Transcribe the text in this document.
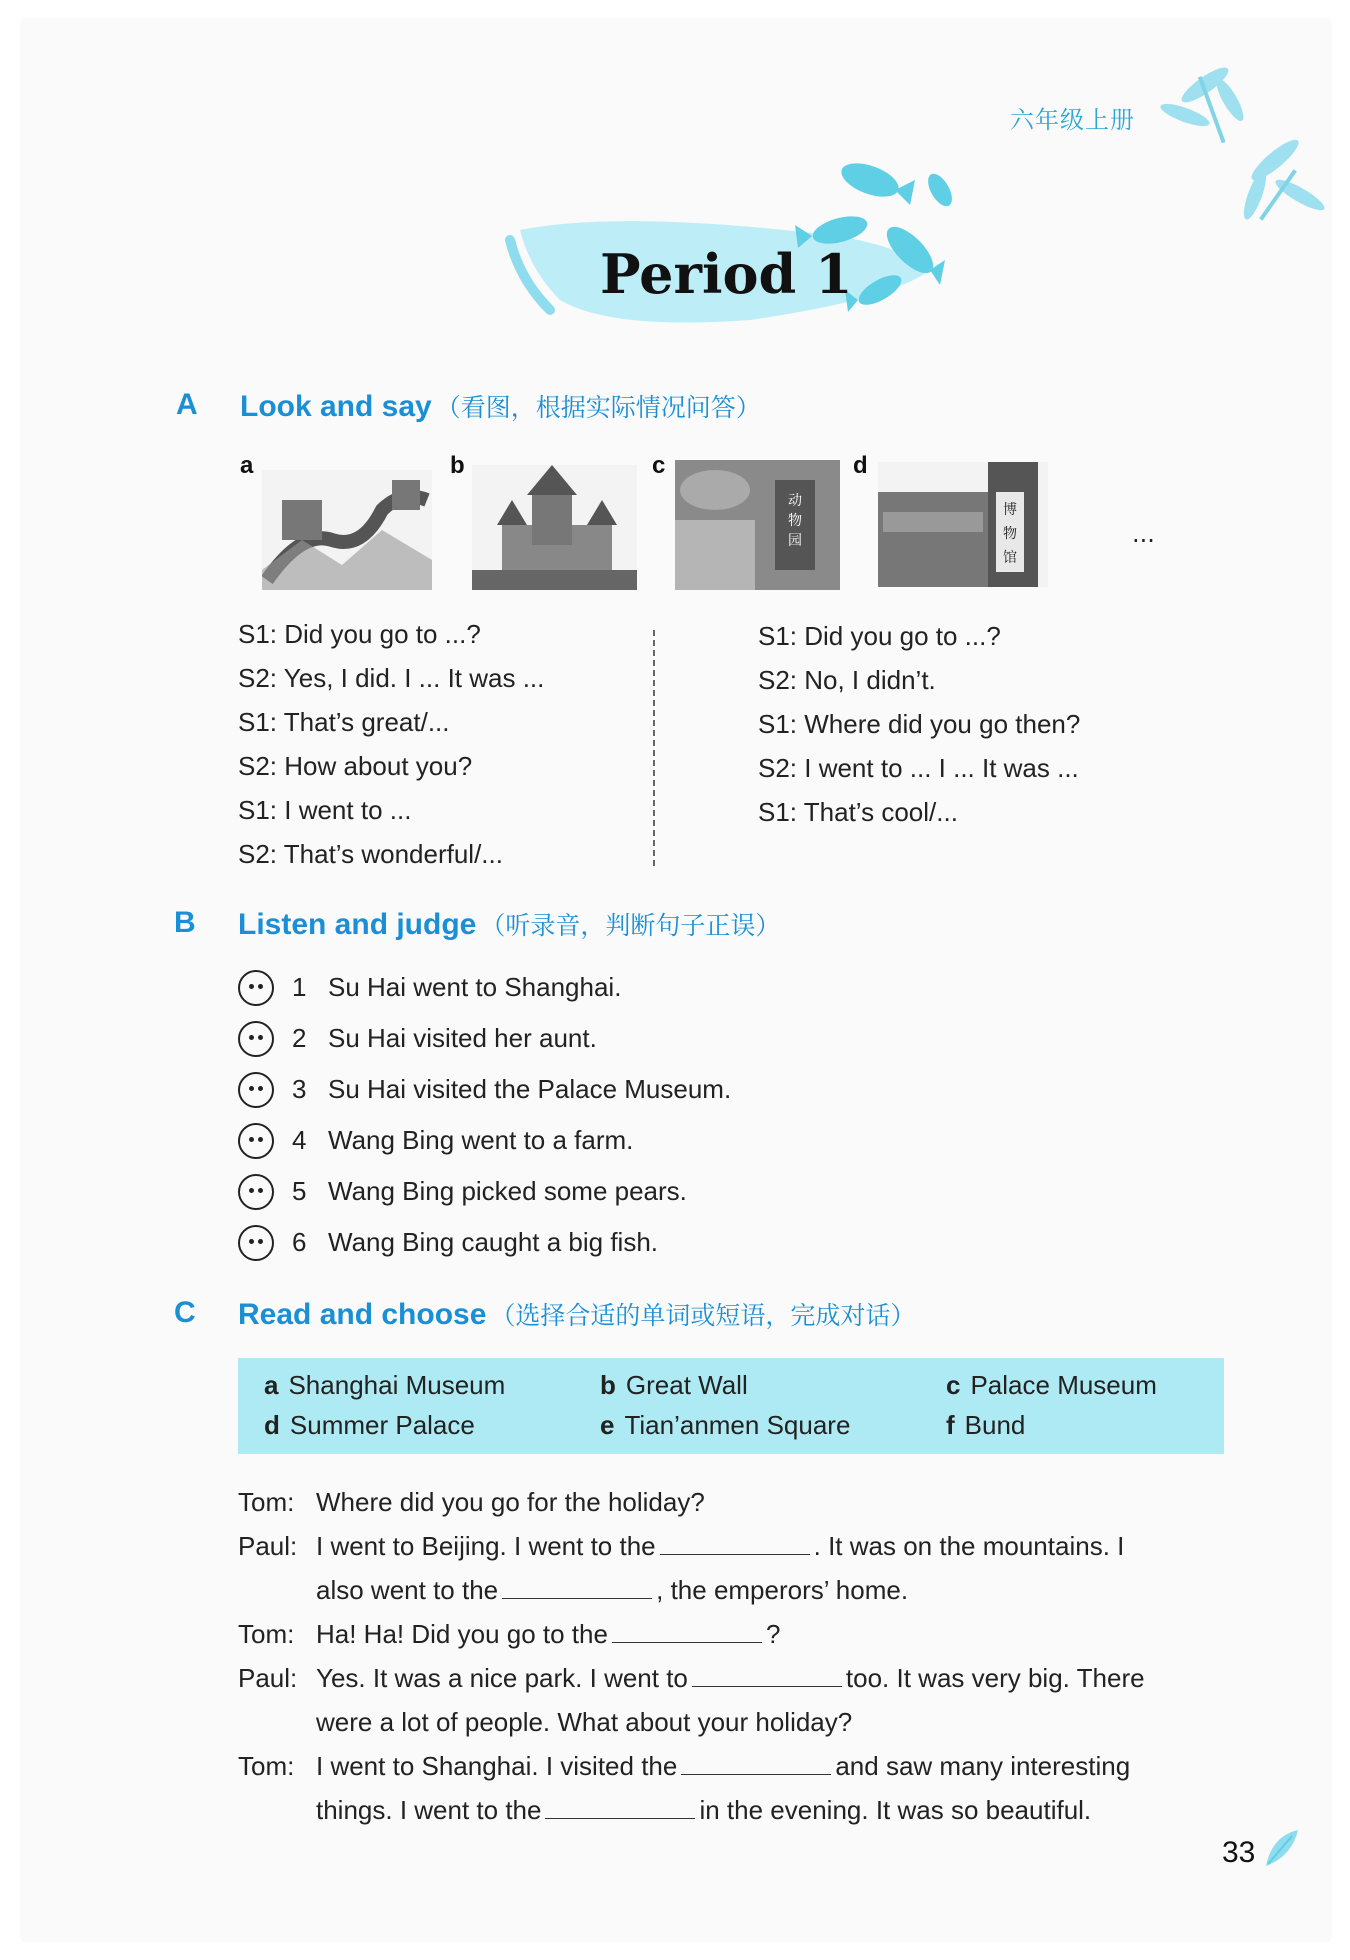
六年级上册
Period 1
A Look and say （看图，根据实际情况问答）
a	b	c
动
物
园
d
博
物
馆
...
S1: Did you go to ...?
S2: Yes, I did. I ... It was ...
S1: That’s great/...
S2: How about you?
S1: I went to ...
S2: That’s wonderful/...
S1: Did you go to ...?
S2: No, I didn’t.
S1: Where did you go then?
S2: I went to ... I ... It was ...
S1: That’s cool/...
B Listen and judge （听录音，判断句子正误）
1 Su Hai went to Shanghai.
2 Su Hai visited her aunt.
3 Su Hai visited the Palace Museum.
4 Wang Bing went to a farm.
5 Wang Bing picked some pears.
6 Wang Bing caught a big fish.
C Read and choose （选择合适的单词或短语，完成对话）
a Shanghai Museum	b Great Wall	c Palace Museum
d Summer Palace	e Tian’anmen Square	f Bund
Tom: Where did you go for the holiday?
Paul: I went to Beijing. I went to the	. It was on the mountains. I
also went to the	, the emperors’ home.
Tom: Ha! Ha! Did you go to the	?
Paul: Yes. It was a nice park. I went to	too. It was very big. There
were a lot of people. What about your holiday?
Tom: I went to Shanghai. I visited the	and saw many interesting
things. I went to the	in the evening. It was so beautiful.
33
